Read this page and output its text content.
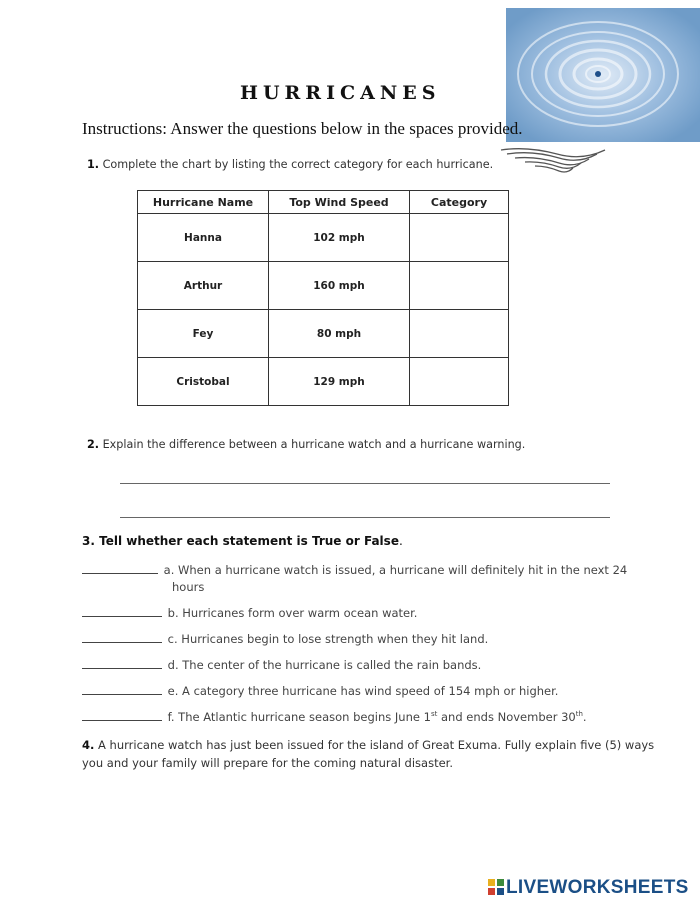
HURRICANES
Instructions: Answer the questions below in the spaces provided.
1. Complete the chart by listing the correct category for each hurricane.
Hurricane Name	Top Wind Speed	Category
Hanna	102 mph	
Arthur	160 mph	
Fey	80 mph	
Cristobal	129 mph	
2. Explain the difference between a hurricane watch and a hurricane warning.
3. Tell whether each statement is True or False.
a. When a hurricane watch is issued, a hurricane will definitely hit in the next 24
hours
b. Hurricanes form over warm ocean water.
c. Hurricanes begin to lose strength when they hit land.
d. The center of the hurricane is called the rain bands.
e. A category three hurricane has wind speed of 154 mph or higher.
f. The Atlantic hurricane season begins June 1st and ends November 30th.
4. A hurricane watch has just been issued for the island of Great Exuma. Fully explain five (5) ways
you and your family will prepare for the coming natural disaster.
LIVEWORKSHEETS
